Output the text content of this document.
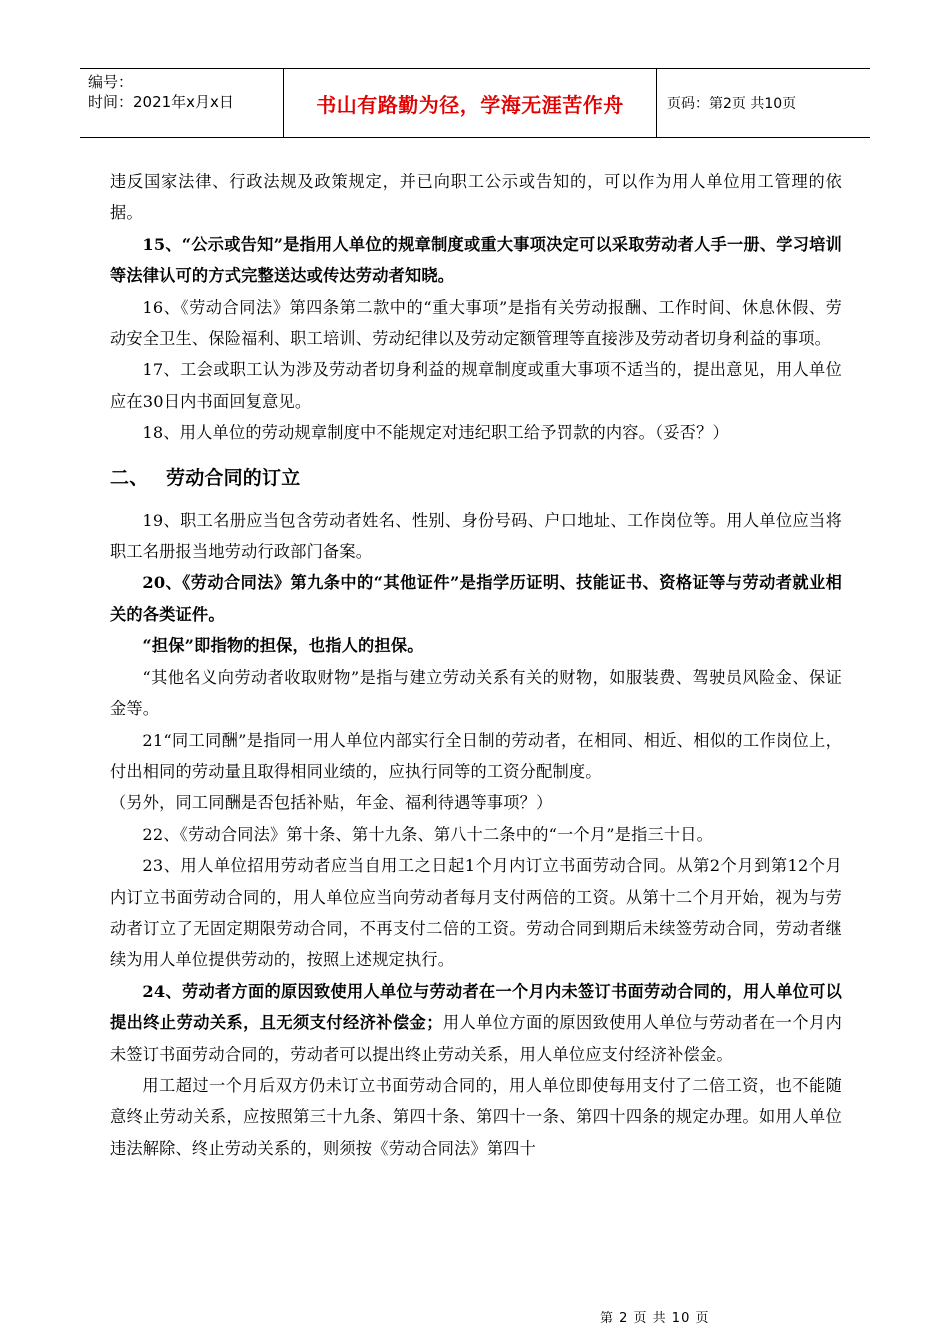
编号：
时间：2021年x月x日	书山有路勤为径，学海无涯苦作舟	页码：第2页 共10页

违反国家法律、行政法规及政策规定，并已向职工公示或告知的，可以作为用人单位用工管理的依据。

15、“公示或告知”是指用人单位的规章制度或重大事项决定可以采取劳动者人手一册、学习培训等法律认可的方式完整送达或传达劳动者知晓。

16、《劳动合同法》第四条第二款中的“重大事项”是指有关劳动报酬、工作时间、休息休假、劳动安全卫生、保险福利、职工培训、劳动纪律以及劳动定额管理等直接涉及劳动者切身利益的事项。

17、工会或职工认为涉及劳动者切身利益的规章制度或重大事项不适当的，提出意见，用人单位应在30日内书面回复意见。

18、用人单位的劳动规章制度中不能规定对违纪职工给予罚款的内容。（妥否？）

二、 劳动合同的订立

19、职工名册应当包含劳动者姓名、性别、身份号码、户口地址、工作岗位等。用人单位应当将职工名册报当地劳动行政部门备案。

20、《劳动合同法》第九条中的“其他证件”是指学历证明、技能证书、资格证等与劳动者就业相关的各类证件。

“担保”即指物的担保，也指人的担保。

“其他名义向劳动者收取财物”是指与建立劳动关系有关的财物，如服装费、驾驶员风险金、保证金等。

21“同工同酬”是指同一用人单位内部实行全日制的劳动者，在相同、相近、相似的工作岗位上，付出相同的劳动量且取得相同业绩的，应执行同等的工资分配制度。

（另外，同工同酬是否包括补贴，年金、福利待遇等事项？）

22、《劳动合同法》第十条、第十九条、第八十二条中的“一个月”是指三十日。

23、用人单位招用劳动者应当自用工之日起1个月内订立书面劳动合同。从第2个月到第12个月内订立书面劳动合同的，用人单位应当向劳动者每月支付两倍的工资。从第十二个月开始，视为与劳动者订立了无固定期限劳动合同，不再支付二倍的工资。劳动合同到期后未续签劳动合同，劳动者继续为用人单位提供劳动的，按照上述规定执行。

24、劳动者方面的原因致使用人单位与劳动者在一个月内未签订书面劳动合同的，用人单位可以提出终止劳动关系，且无须支付经济补偿金；用人单位方面的原因致使用人单位与劳动者在一个月内未签订书面劳动合同的，劳动者可以提出终止劳动关系，用人单位应支付经济补偿金。

用工超过一个月后双方仍未订立书面劳动合同的，用人单位即使每用支付了二倍工资，也不能随意终止劳动关系，应按照第三十九条、第四十条、第四十一条、第四十四条的规定办理。如用人单位违法解除、终止劳动关系的，则须按《劳动合同法》第四十

第 2 页 共 10 页
